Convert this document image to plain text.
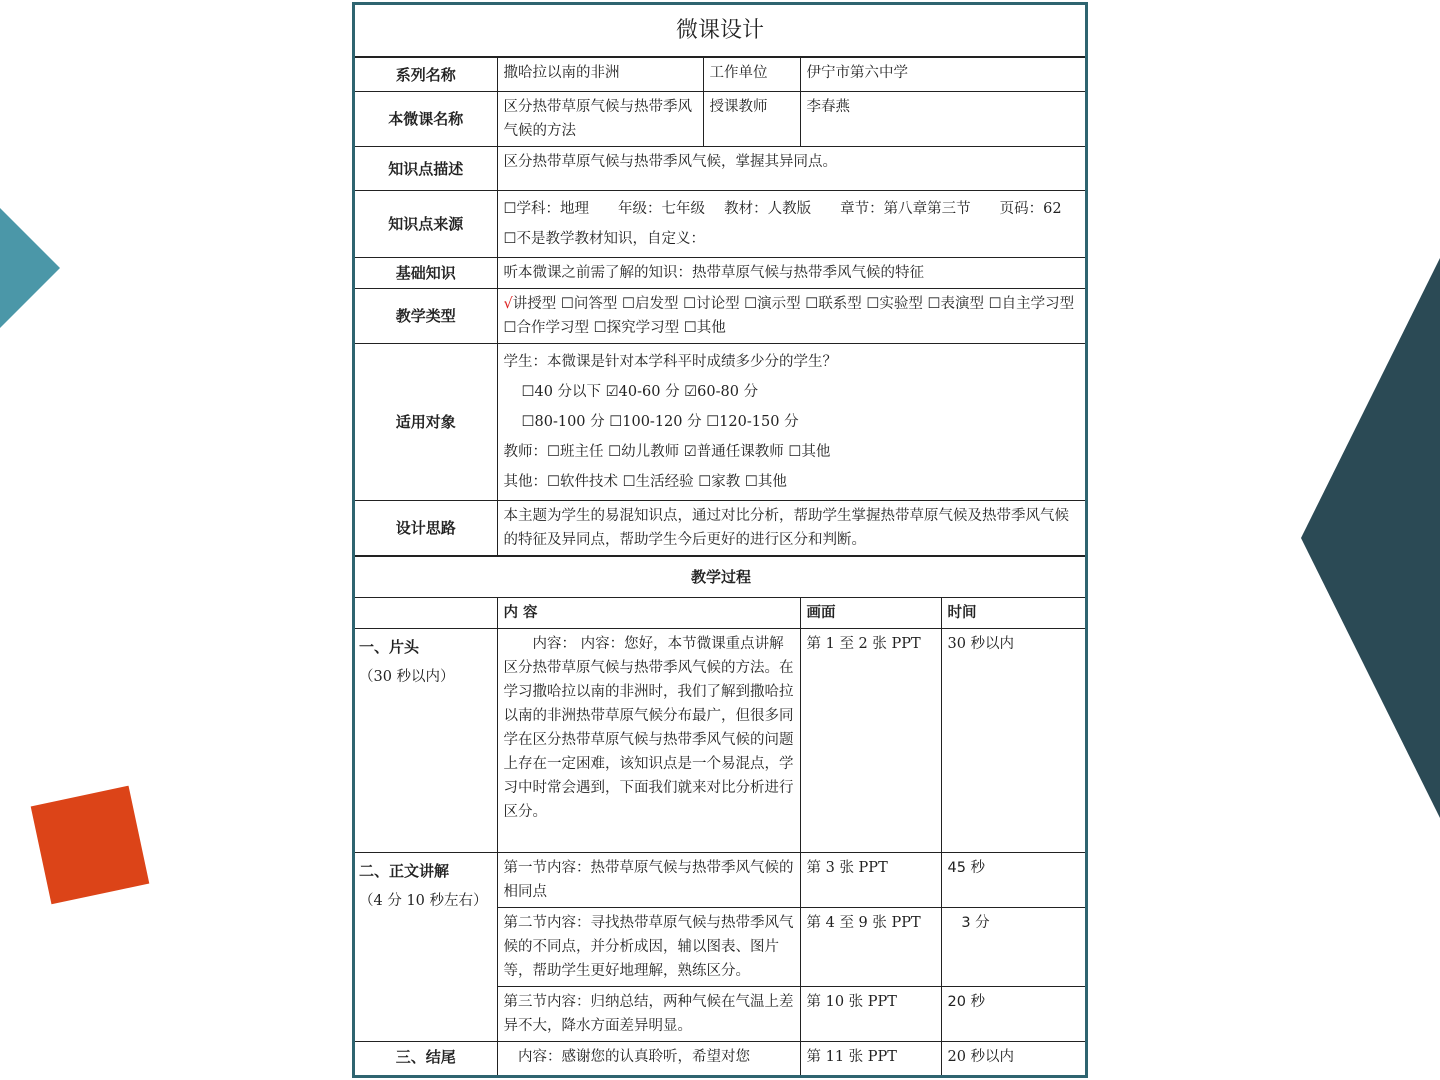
微课设计
系列名称	撒哈拉以南的非洲	工作单位	伊宁市第六中学
本微课名称	区分热带草原气候与热带季风气候的方法	授课教师	李春燕
知识点描述	区分热带草原气候与热带季风气候，掌握其异同点。		
知识点来源	☐学科：地理　　年级：七年级　 教材：人教版　　章节：第八章第三节　　页码：62
☐不是教学教材知识，自定义：		

基础知识	听本微课之前需了解的知识：热带草原气候与热带季风气候的特征		
教学类型	√讲授型 ☐问答型 ☐启发型 ☐讨论型 ☐演示型 ☐联系型 ☐实验型 ☐表演型 ☐自主学习型 ☐合作学习型 ☐探究学习型 ☐其他		
适用对象	学生：本微课是针对本学科平时成绩多少分的学生？
☐40 分以下 ☑40-60 分 ☑60-80 分
☐80-100 分 ☐100-120 分 ☐120-150 分
教师：☐班主任 ☐幼儿教师 ☑普通任课教师 ☐其他
其他：☐软件技术 ☐生活经验 ☐家教 ☐其他		

设计思路	本主题为学生的易混知识点，通过对比分析，帮助学生掌握热带草原气候及热带季风气候的特征及异同点，帮助学生今后更好的进行区分和判断。		
教学过程			
	内 容	画面	时间

一、片头
（30 秒以内）	　　内容： 内容：您好，本节微课重点讲解区分热带草原气候与热带季风气候的方法。在学习撒哈拉以南的非洲时，我们了解到撒哈拉以南的非洲热带草原气候分布最广，但很多同学在区分热带草原气候与热带季风气候的问题上存在一定困难，该知识点是一个易混点，学习中时常会遇到，下面我们就来对比分析进行区分。	第 1 至 2 张 PPT	30 秒以内

二、正文讲解
（4 分 10 秒左右）	第一节内容：热带草原气候与热带季风气候的相同点	第 3 张 PPT	45 秒
	第二节内容：寻找热带草原气候与热带季风气候的不同点，并分析成因，辅以图表、图片等，帮助学生更好地理解，熟练区分。	第 4 至 9 张 PPT	3 分
	第三节内容：归纳总结，两种气候在气温上差异不大，降水方面差异明显。	第 10 张 PPT	20 秒
三、结尾	　内容：感谢您的认真聆听，希望对您	第 11 张 PPT	20 秒以内
